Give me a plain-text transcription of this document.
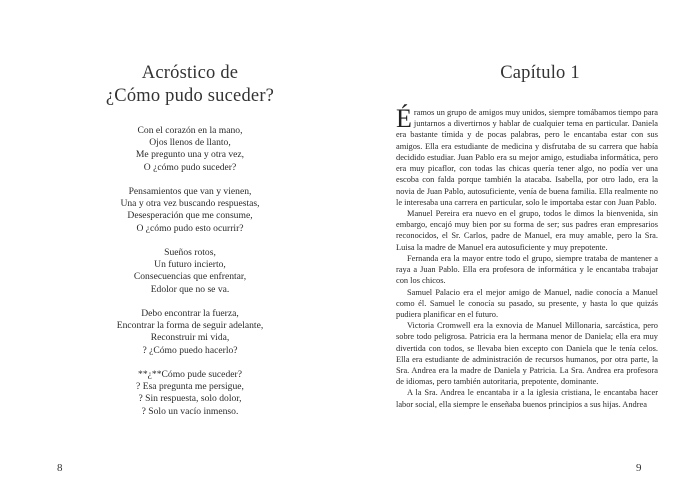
Acróstico de
¿Cómo pudo suceder?
Con el corazón en la mano,
Ojos llenos de llanto,
Me pregunto una y otra vez,
O ¿cómo pudo suceder?
Pensamientos que van y vienen,
Una y otra vez buscando respuestas,
Desesperación que me consume,
O ¿cómo pudo esto ocurrir?
Sueños rotos,
Un futuro incierto,
Consecuencias que enfrentar,
Edolor que no se va.
Debo encontrar la fuerza,
Encontrar la forma de seguir adelante,
Reconstruir mi vida,
? ¿Cómo puedo hacerlo?
**¿**Cómo pude suceder?
? Esa pregunta me persigue,
? Sin respuesta, solo dolor,
? Solo un vacío inmenso.
8
Capítulo 1

Éramos un grupo de amigos muy unidos, siempre tomábamos tiempo para juntarnos a divertirnos y hablar de cualquier tema en particular. Daniela era bastante tímida y de pocas palabras, pero le encantaba estar con sus amigos. Ella era estudiante de medicina y disfrutaba de su carrera que había decidido estudiar. Juan Pablo era su mejor amigo, estudiaba informática, pero era muy picaflor, con todas las chicas quería tener algo, no podía ver una escoba con falda porque también la atacaba. Isabella, por otro lado, era la novia de Juan Pablo, autosuficiente, venía de buena familia. Ella realmente no le interesaba una carrera en particular, solo le importaba estar con Juan Pablo.

Manuel Pereira era nuevo en el grupo, todos le dimos la bienvenida, sin embargo, encajó muy bien por su forma de ser; sus padres eran empresarios reconocidos, el Sr. Carlos, padre de Manuel, era muy amable, pero la Sra. Luisa la madre de Manuel era autosuficiente y muy prepotente.

Fernanda era la mayor entre todo el grupo, siempre trataba de mantener a raya a Juan Pablo. Ella era profesora de informática y le encantaba trabajar con los chicos.

Samuel Palacio era el mejor amigo de Manuel, nadie conocía a Manuel como él. Samuel le conocía su pasado, su presente, y hasta lo que quizás pudiera planificar en el futuro.

Victoria Cromwell era la exnovia de Manuel Millonaria, sarcástica, pero sobre todo peligrosa. Patricia era la hermana menor de Daniela; ella era muy divertida con todos, se llevaba bien excepto con Daniela que le tenía celos. Ella era estudiante de administración de recursos humanos, por otra parte, la Sra. Andrea era la madre de Daniela y Patricia. La Sra. Andrea era profesora de idiomas, pero también autoritaria, prepotente, dominante.

A la Sra. Andrea le encantaba ir a la iglesia cristiana, le encantaba hacer labor social, ella siempre le enseñaba buenos principios a sus hijas. Andrea

9
